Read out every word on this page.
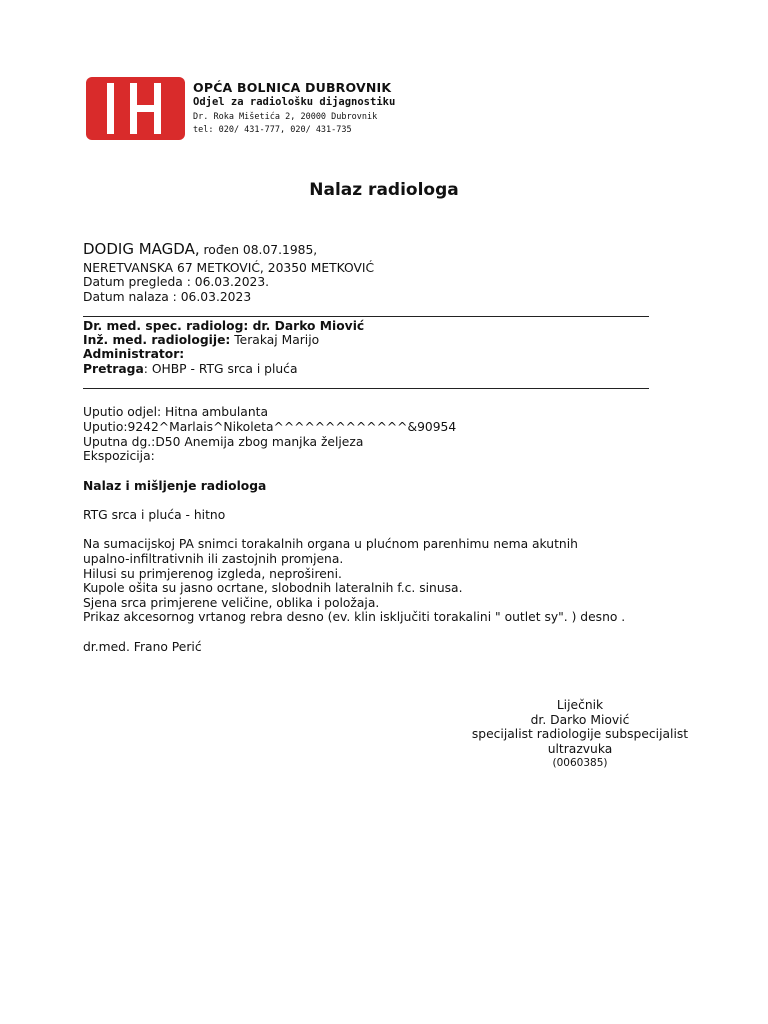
OPĆA BOLNICA DUBROVNIK
Odjel za radiološku dijagnostiku
Dr. Roka Mišetića 2, 20000 Dubrovnik
tel: 020/ 431-777, 020/ 431-735
Nalaz radiologa
DODIG MAGDA, rođen 08.07.1985,
NERETVANSKA 67 METKOVIĆ, 20350 METKOVIĆ
Datum pregleda : 06.03.2023.
Datum nalaza : 06.03.2023
Dr. med. spec. radiolog: dr. Darko Miović
Inž. med. radiologije: Terakaj Marijo
Administrator:
Pretraga: OHBP - RTG srca i pluća
Uputio odjel: Hitna ambulanta
Uputio:9242^Marlais^Nikoleta^^^^^^^^^^^^^&90954
Uputna dg.:D50 Anemija zbog manjka željeza
Ekspozicija:
Nalaz i mišljenje radiologa
RTG srca i pluća - hitno
Na sumacijskoj PA snimci torakalnih organa u plućnom parenhimu nema akutnih
upalno-infiltrativnih ili zastojnih promjena.
Hilusi su primjerenog izgleda, neprošireni.
Kupole ošita su jasno ocrtane, slobodnih lateralnih f.c. sinusa.
Sjena srca primjerene veličine, oblika i položaja.
Prikaz akcesornog vrtanog rebra desno (ev. klin isključiti torakalini " outlet sy". ) desno .
dr.med. Frano Perić
Liječnik
dr. Darko Miović
specijalist radiologije subspecijalist
ultrazvuka
(0060385)
